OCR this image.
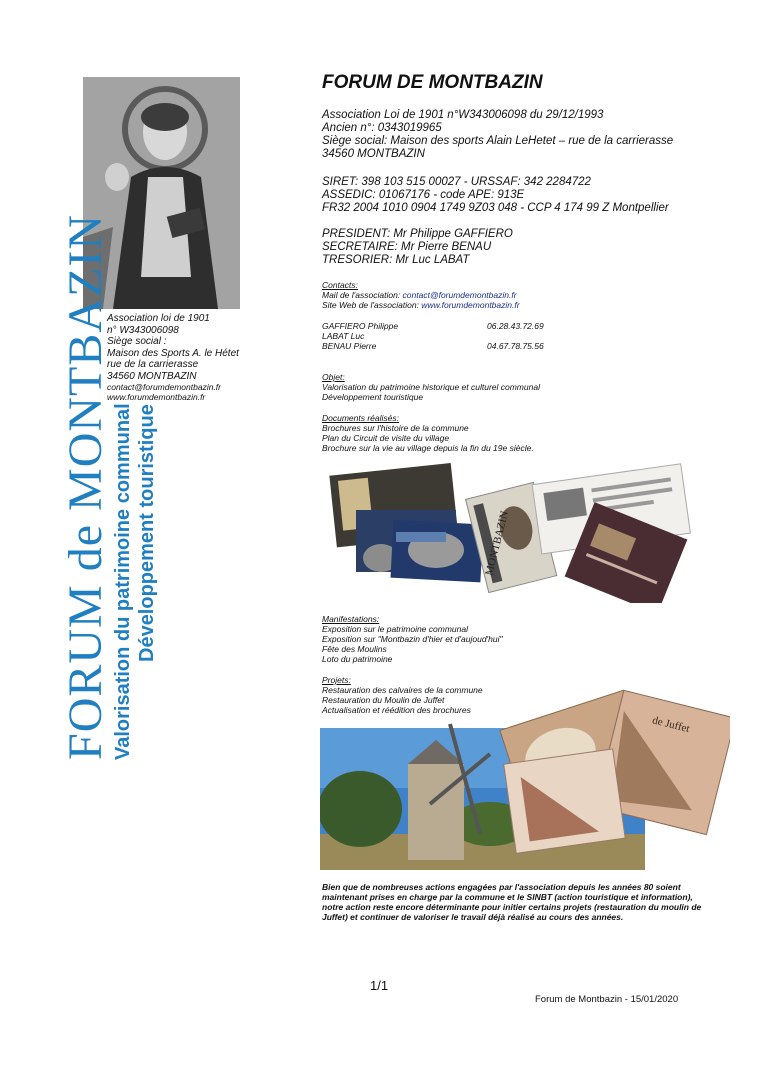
FORUM de MONTBAZIN Valorisation du patrimoine communal Développement touristique
Association loi de 1901
n° W343006098
Siège social :
Maison des Sports A. le Hétet
rue de la carrierasse
34560 MONTBAZIN
contact@forumdemontbazin.fr
www.forumdemontbazin.fr
FORUM DE MONTBAZIN
Association Loi de 1901 n°W343006098 du 29/12/1993
Ancien n°: 0343019965
Siège social: Maison des sports Alain LeHetet – rue de la carrierasse
34560 MONTBAZIN
SIRET: 398 103 515 00027 - URSSAF: 342 2284722
ASSEDIC: 01067176 - code APE: 913E
FR32 2004 1010 0904 1749 9Z03 048 - CCP 4 174 99 Z Montpellier
PRESIDENT: Mr Philippe GAFFIERO
SECRETAIRE: Mr Pierre BENAU
TRESORIER: Mr Luc LABAT
Contacts:
Mail de l'association: contact@forumdemontbazin.fr
Site Web de l'association: www.forumdemontbazin.fr
GAFFIERO Philippe	06.28.43.72.69
LABAT Luc
BENAU Pierre	04.67.78.75.56
Objet:
Valorisation du patrimoine historique et culturel communal
Développement touristique
Documents réalisés:
Brochures sur l'histoire de la commune
Plan du Circuit de visite du village
Brochure sur la vie au village depuis la fin du 19e siècle.
MONTBAZIN
Manifestations:
Exposition sur le patrimoine communal
Exposition sur "Montbazin d'hier et d'aujoud'hui"
Fête des Moulins
Loto du patrimoine
Projets:
Restauration des calvaires de la commune
Restauration du Moulin de Juffet
Actualisation et réédition des brochures
de Juffet
Bien que de nombreuses actions engagées par l'association depuis les années 80 soient maintenant prises en charge par la commune et le SINBT (action touristique et information), notre action reste encore déterminante pour initier certains projets (restauration du moulin de Juffet) et continuer de valoriser le travail déjà réalisé au cours des années.
1/1
Forum de Montbazin - 15/01/2020
